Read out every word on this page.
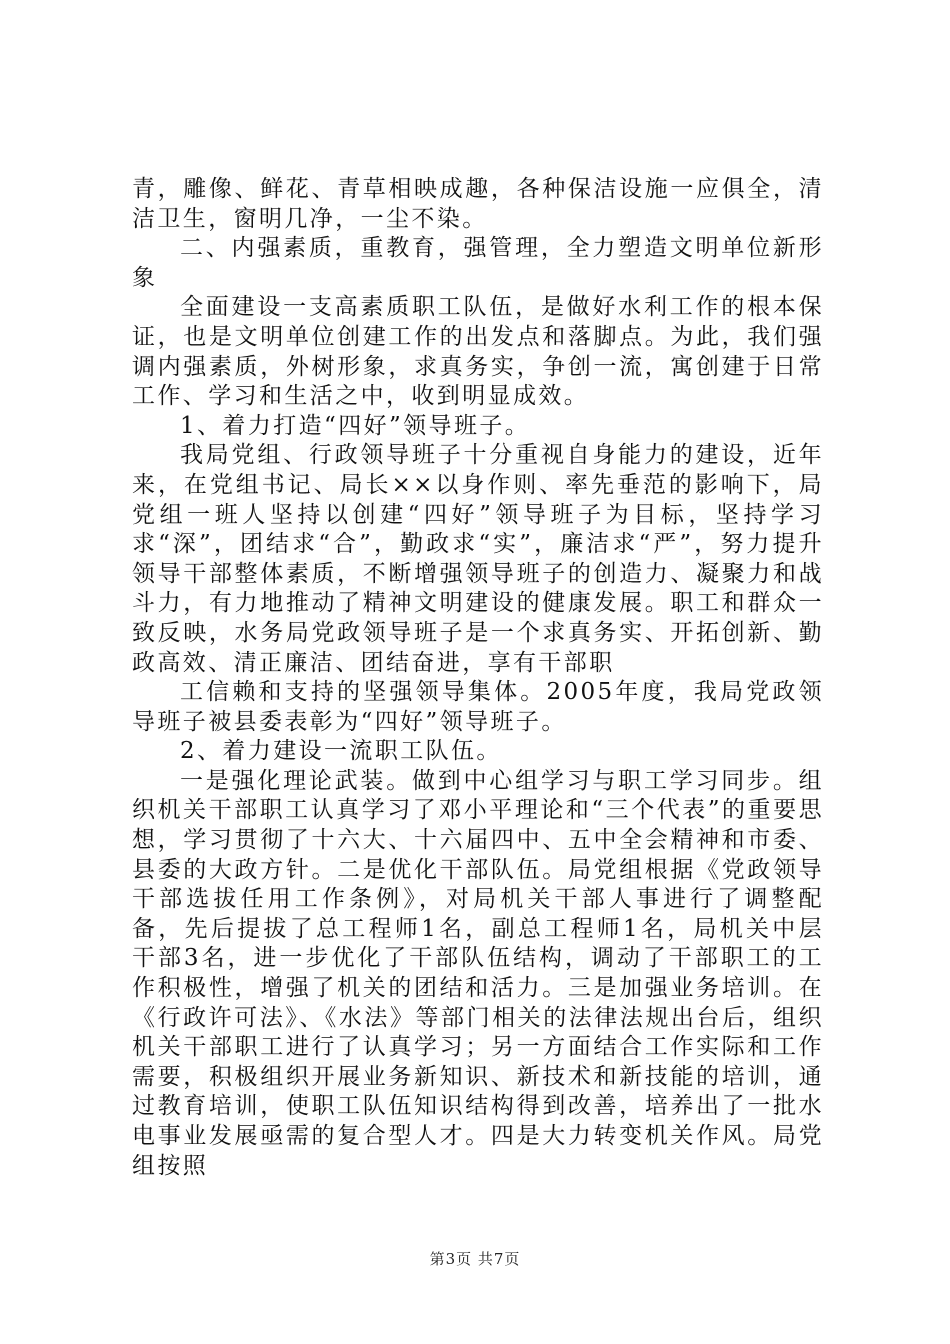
青，雕像、鲜花、青草相映成趣，各种保洁设施一应俱全，清洁卫生，窗明几净，一尘不染。

二、内强素质，重教育，强管理，全力塑造文明单位新形象

全面建设一支高素质职工队伍，是做好水利工作的根本保证，也是文明单位创建工作的出发点和落脚点。为此，我们强调内强素质，外树形象，求真务实，争创一流，寓创建于日常工作、学习和生活之中，收到明显成效。

1、着力打造“四好”领导班子。

我局党组、行政领导班子十分重视自身能力的建设，近年来，在党组书记、局长××以身作则、率先垂范的影响下，局党组一班人坚持以创建“四好”领导班子为目标，坚持学习求“深”，团结求“合”，勤政求“实”，廉洁求“严”，努力提升领导干部整体素质，不断增强领导班子的创造力、凝聚力和战斗力，有力地推动了精神文明建设的健康发展。职工和群众一致反映，水务局党政领导班子是一个求真务实、开拓创新、勤政高效、清正廉洁、团结奋进，享有干部职

工信赖和支持的坚强领导集体。2005年度，我局党政领导班子被县委表彰为“四好”领导班子。

2、着力建设一流职工队伍。

一是强化理论武装。做到中心组学习与职工学习同步。组织机关干部职工认真学习了邓小平理论和“三个代表”的重要思想，学习贯彻了十六大、十六届四中、五中全会精神和市委、县委的大政方针。二是优化干部队伍。局党组根据《党政领导干部选拔任用工作条例》，对局机关干部人事进行了调整配备，先后提拔了总工程师1名，副总工程师1名，局机关中层干部3名，进一步优化了干部队伍结构，调动了干部职工的工作积极性，增强了机关的团结和活力。三是加强业务培训。在《行政许可法》、《水法》等部门相关的法律法规出台后，组织机关干部职工进行了认真学习；另一方面结合工作实际和工作需要，积极组织开展业务新知识、新技术和新技能的培训，通过教育培训，使职工队伍知识结构得到改善，培养出了一批水电事业发展亟需的复合型人才。四是大力转变机关作风。局党组按照

第3页 共7页
